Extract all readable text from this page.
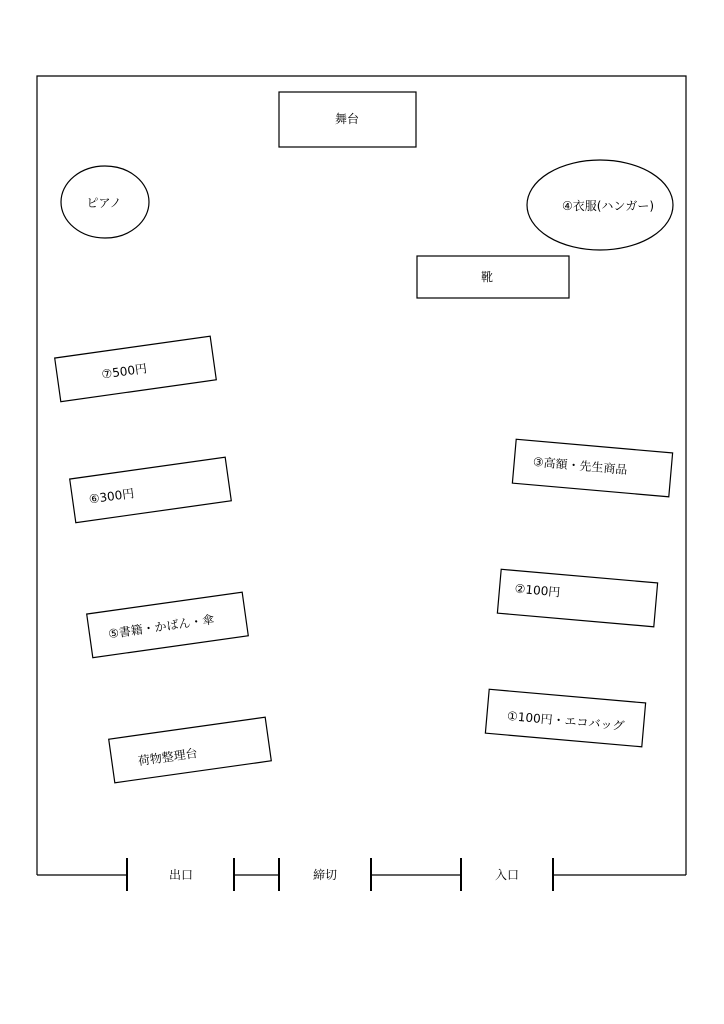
出口	締切	入口
舞台
ピアノ	④衣服(ハンガー)
靴
⑦500円
⑥300円
⑤書籍・かばん・傘
荷物整理台
③高額・先生商品
②100円
①100円・エコバッグ
